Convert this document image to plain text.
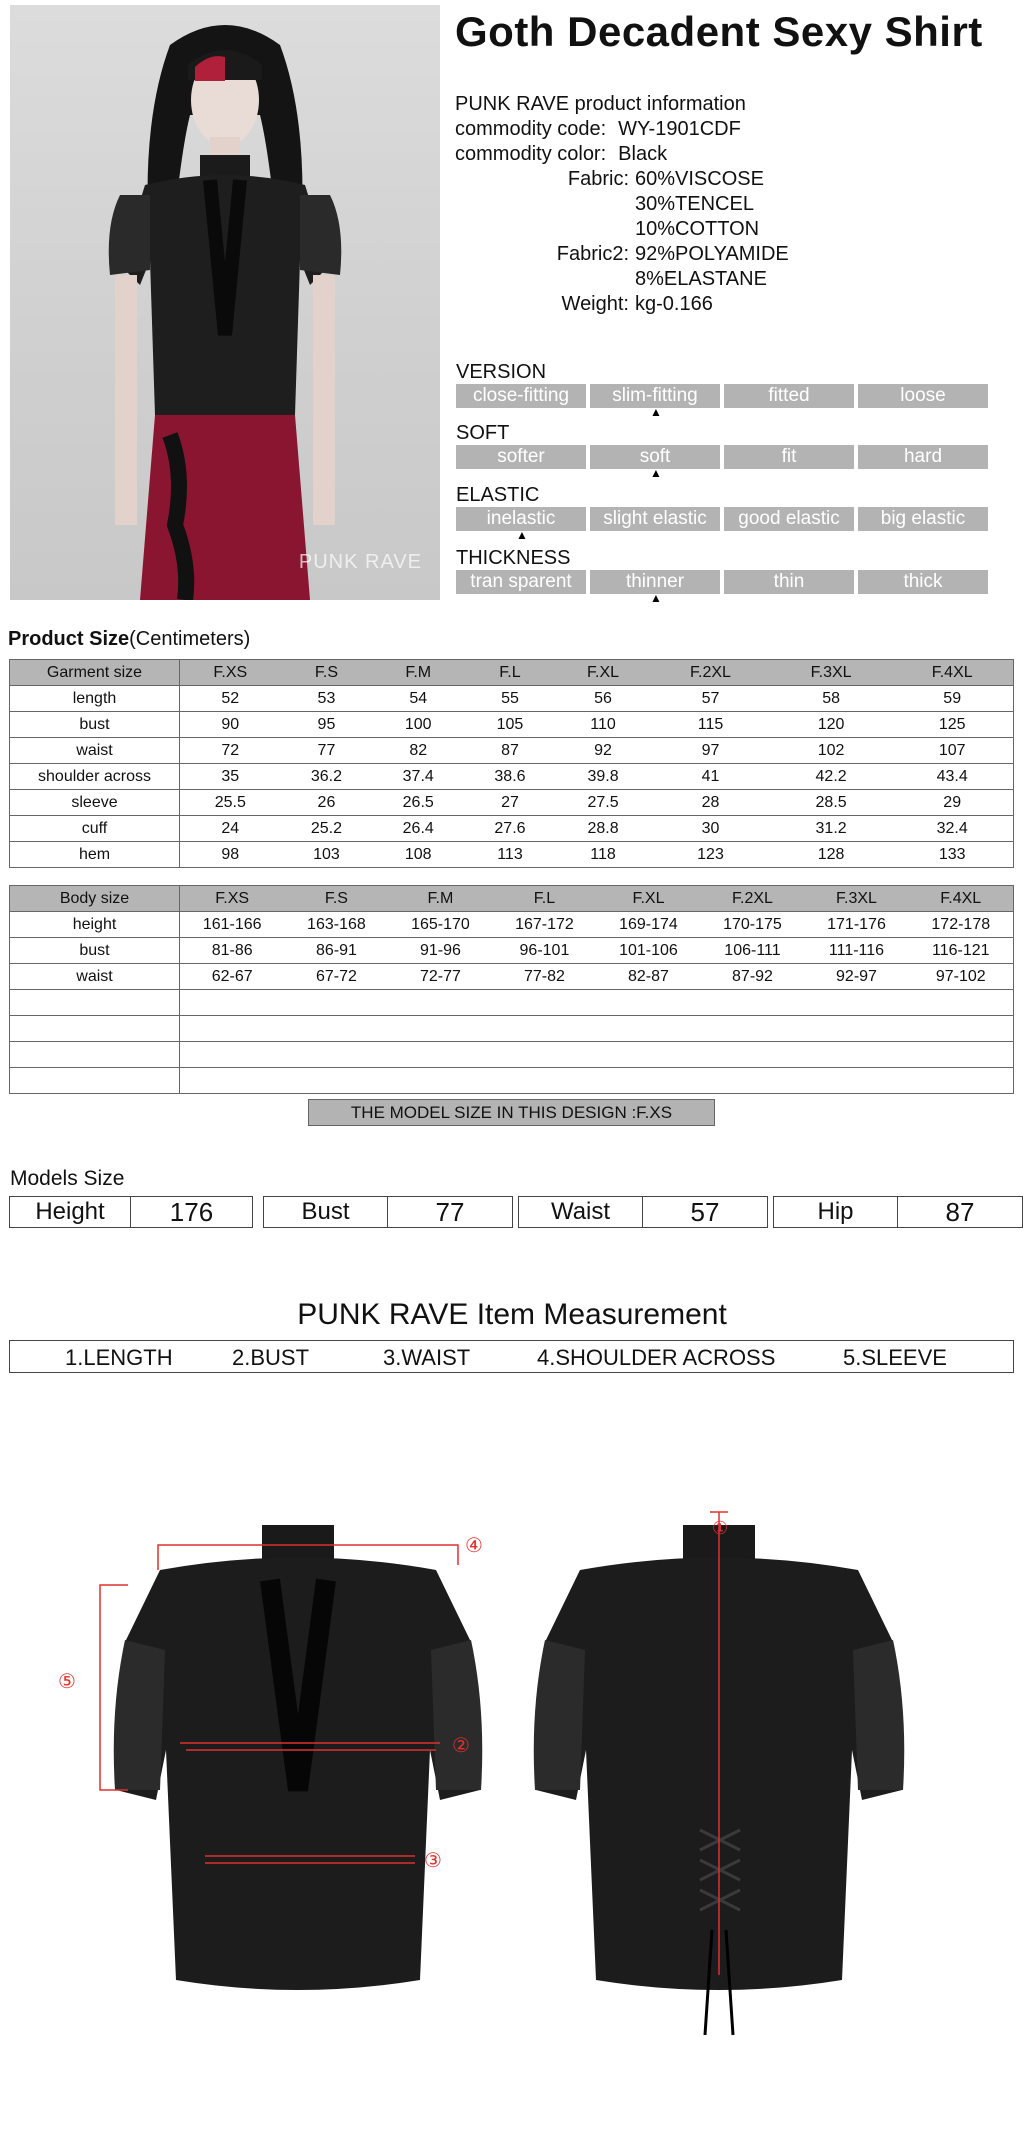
PUNK RAVE
Goth Decadent Sexy Shirt
PUNK RAVE product information
commodity code: WY-1901CDF
commodity color: Black
Fabric: 60%VISCOSE
30%TENCEL
10%COTTON
Fabric2: 92%POLYAMIDE
8%ELASTANE
Weight: kg-0.166
VERSION
close-fitting	slim-fitting	fitted	loose
▲
SOFT
softer	soft	fit	hard
▲
ELASTIC
inelastic	slight elastic	good elastic	big elastic
▲
THICKNESS
tran sparent	thinner	thin	thick
▲
Product Size(Centimeters)
Garment size	F.XS	F.S	F.M	F.L	F.XL	F.2XL	F.3XL	F.4XL
length	52	53	54	55	56	57	58	59
bust	90	95	100	105	110	115	120	125
waist	72	77	82	87	92	97	102	107
shoulder across	35	36.2	37.4	38.6	39.8	41	42.2	43.4
sleeve	25.5	26	26.5	27	27.5	28	28.5	29
cuff	24	25.2	26.4	27.6	28.8	30	31.2	32.4
hem	98	103	108	113	118	123	128	133
Body size	F.XS	F.S	F.M	F.L	F.XL	F.2XL	F.3XL	F.4XL
height	161-166	163-168	165-170	167-172	169-174	170-175	171-176	172-178
bust	81-86	86-91	91-96	96-101	101-106	106-111	111-116	116-121
waist	62-67	67-72	72-77	77-82	82-87	87-92	92-97	97-102

THE MODEL SIZE IN THIS DESIGN :F.XS
Models Size
Height	176	Bust	77	Waist	57	Hip	87
PUNK RAVE Item Measurement
1.LENGTH	2.BUST	3.WAIST	4.SHOULDER ACROSS	5.SLEEVE
④
⑤
②
③
①
